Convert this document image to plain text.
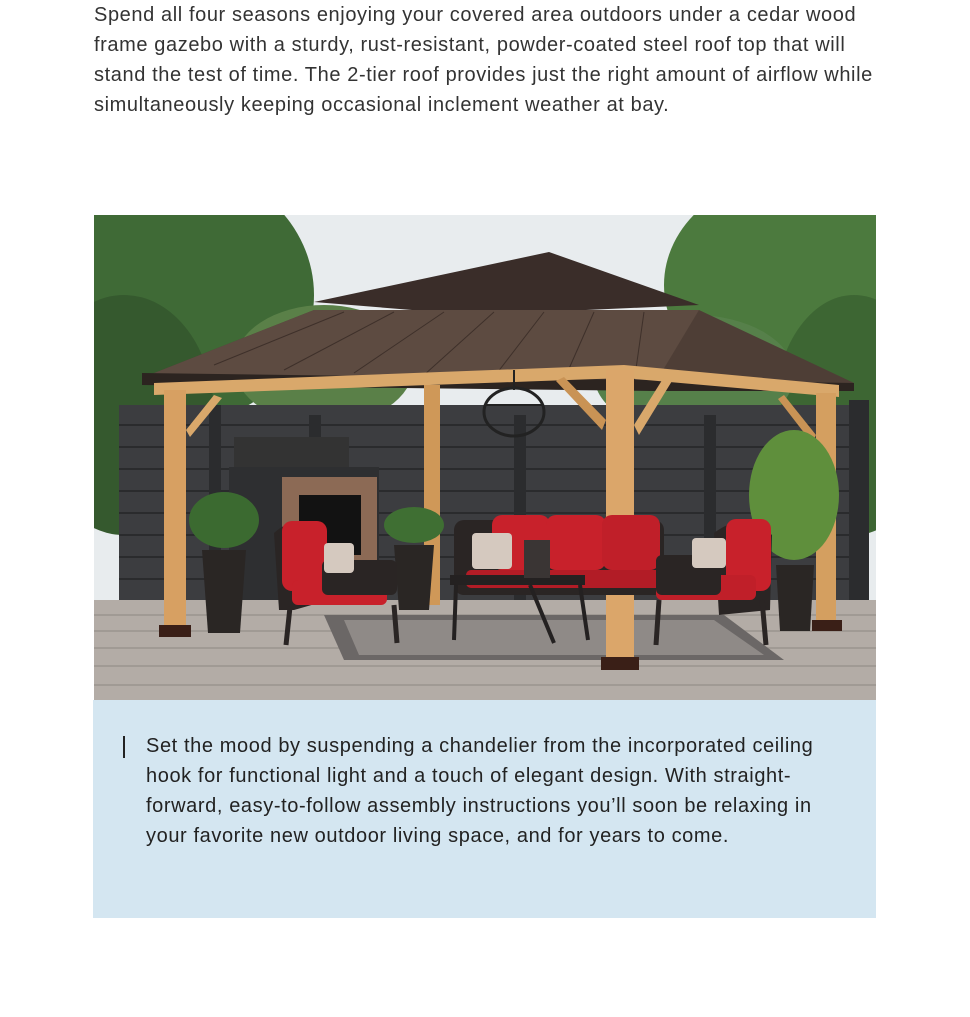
Spend all four seasons enjoying your covered area outdoors under a cedar wood frame gazebo with a sturdy, rust-resistant, powder-coated steel roof top that will stand the test of time. The 2-tier roof provides just the right amount of airflow while simultaneously keeping occasional inclement weather at bay.

Set the mood by suspending a chandelier from the incorporated ceiling hook for functional light and a touch of elegant design. With straight-forward, easy-to-follow assembly instructions you’ll soon be relaxing in your favorite new outdoor living space, and for years to come.
